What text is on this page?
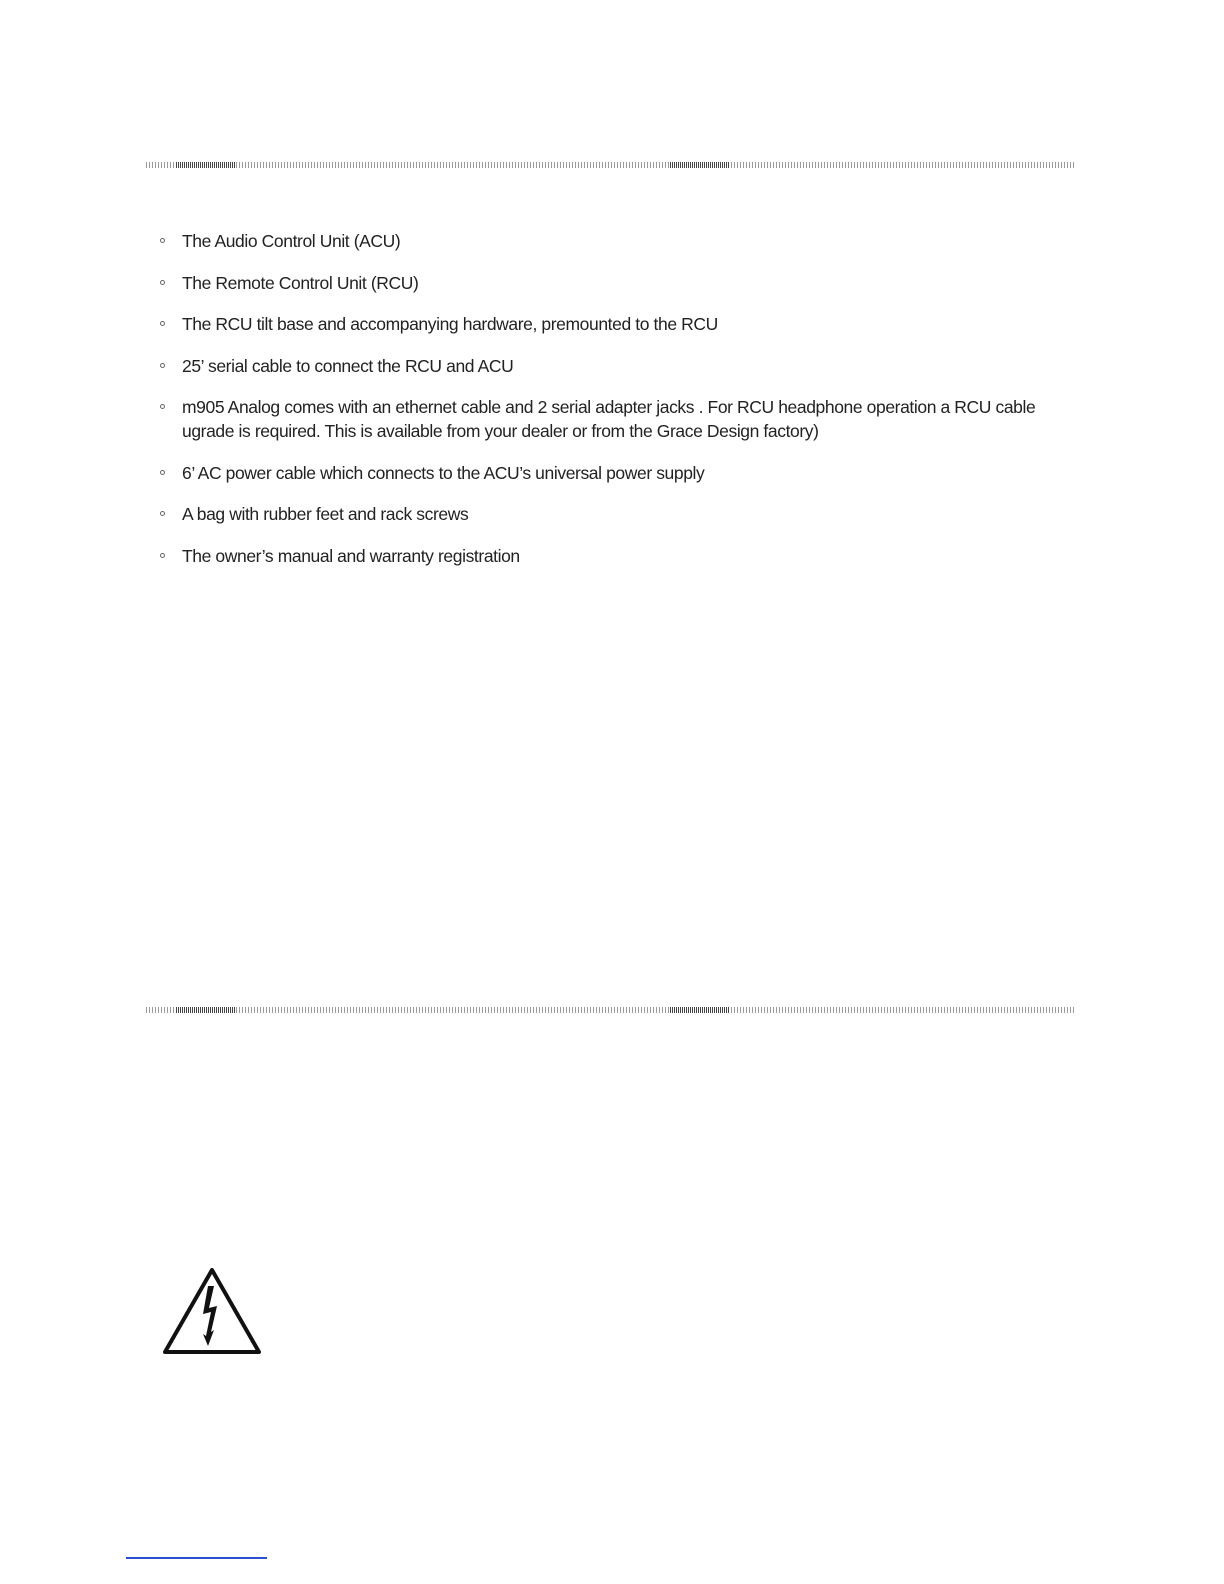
The Audio Control Unit (ACU)
The Remote Control Unit (RCU)
The RCU tilt base and accompanying hardware, premounted to the RCU
25’ serial cable to connect the RCU and ACU
m905 Analog comes with an ethernet cable and 2 serial adapter jacks . For RCU headphone operation a RCU cable ugrade is required. This is available from your dealer or from the Grace Design factory)
6’ AC power cable which connects to the ACU’s universal power supply
A bag with rubber feet and rack screws
The owner’s manual and warranty registration
